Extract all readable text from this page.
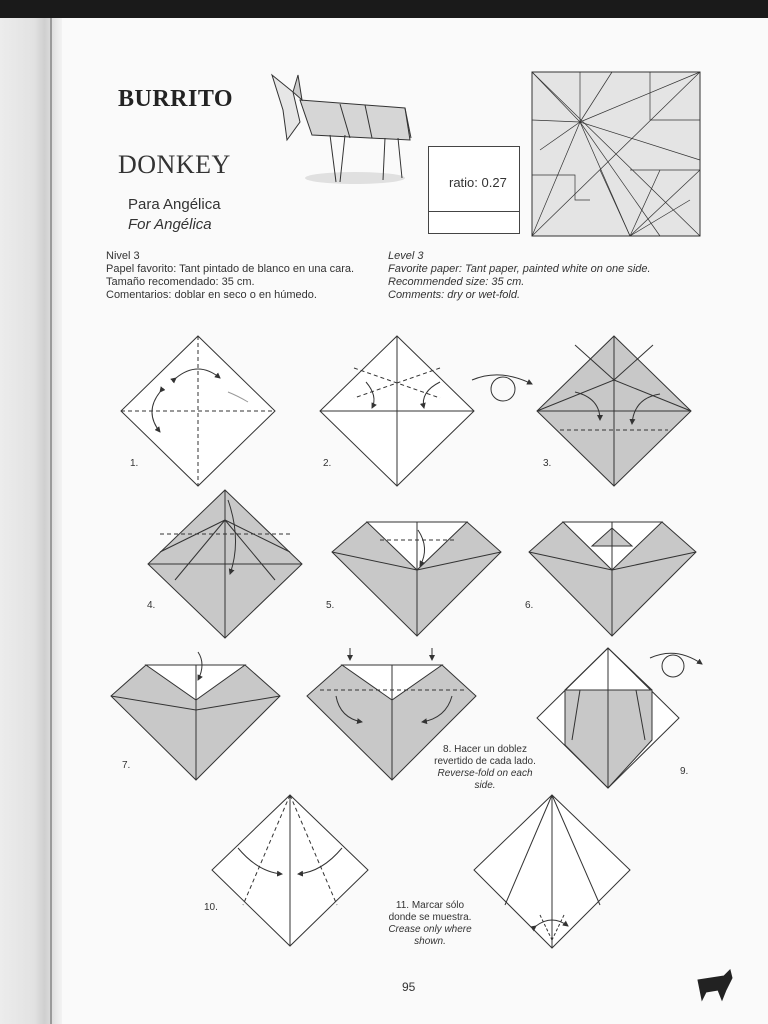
BURRITO
DONKEY
Para Angélica
For Angélica
ratio: 0.27
Nivel 3
Papel favorito: Tant pintado de blanco en una cara.
Tamaño recomendado: 35 cm.
Comentarios: doblar en seco o en húmedo.
Level 3
Favorite paper: Tant paper, painted white on one side.
Recommended size: 35 cm.
Comments: dry or wet-fold.
1.	2.	3.
4.	5.	6.
7.
9.
10.
8. Hacer un doblez
revertido de cada lado.
Reverse-fold on each
side.
11. Marcar sólo
donde se muestra.
Crease only where
shown.
95
